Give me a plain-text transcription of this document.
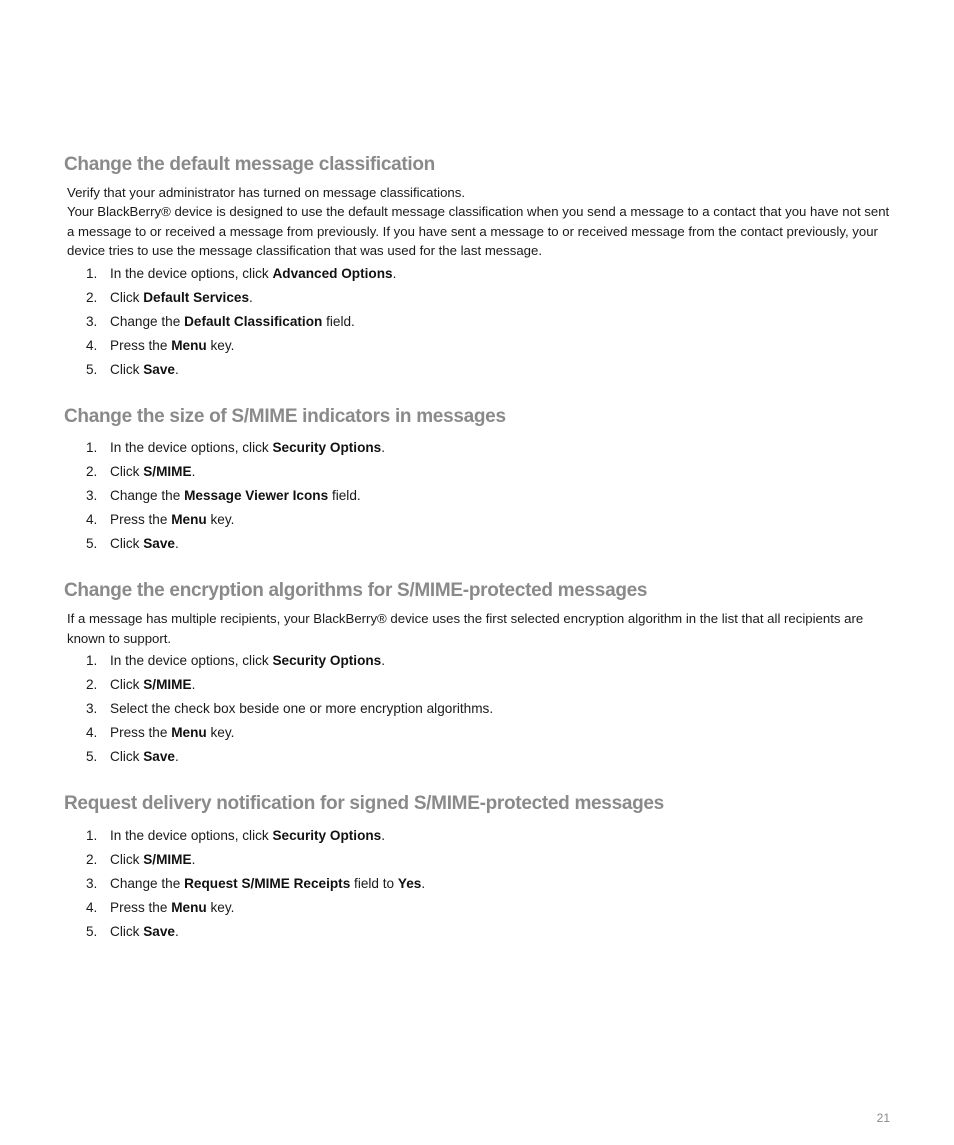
Change the default message classification

Verify that your administrator has turned on message classifications.

Your BlackBerry® device is designed to use the default message classification when you send a message to a contact that you have not sent a message to or received a message from previously. If you have sent a message to or received message from the contact previously, your device tries to use the message classification that was used for the last message.

1. In the device options, click
Advanced Options .
2. Click
Default Services .
3. Change the
Default Classification
field.
4. Press the
Menu
key.
5. Click
Save .
Change the size of S/MIME indicators in messages
1. In the device options, click
Security Options .
2. Click
S/MIME .
3. Change the
Message Viewer Icons
field.
4. Press the
Menu
key.
5. Click
Save .
Change the encryption algorithms for S/MIME-protected messages

If a message has multiple recipients, your BlackBerry® device uses the first selected encryption algorithm in the list that all recipients are known to support.

1. In the device options, click
Security Options .
2. Click
S/MIME .
3. Select the check box beside one or more encryption algorithms.
4. Press the
Menu
key.
5. Click
Save .
Request delivery notification for signed S/MIME-protected messages
1. In the device options, click
Security Options .
2. Click
S/MIME .
3. Change the
Request S/MIME Receipts
field to
Yes .
4. Press the
Menu
key.
5. Click
Save .
21
